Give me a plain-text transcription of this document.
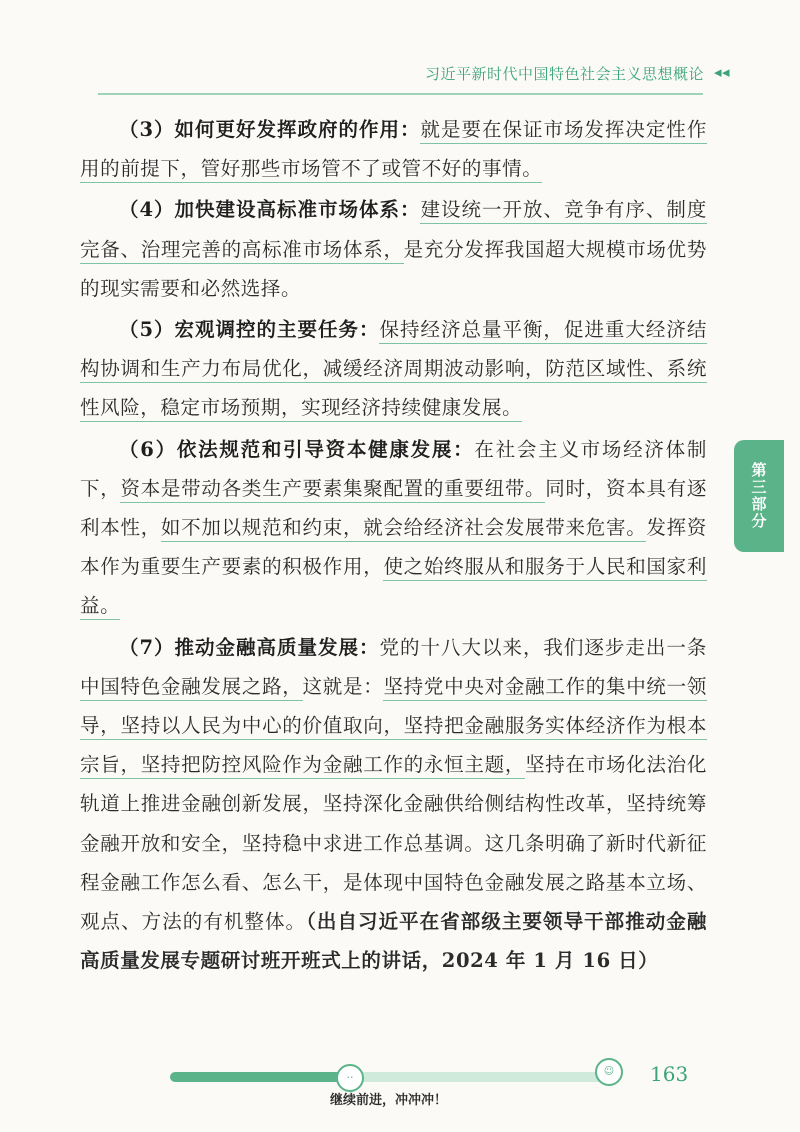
习近平新时代中国特色社会主义思想概论 ◂◂
第三部分

（3）如何更好发挥政府的作用：就是要在保证市场发挥决定性作用的前提下，管好那些市场管不了或管不好的事情。

（4）加快建设高标准市场体系：建设统一开放、竞争有序、制度完备、治理完善的高标准市场体系，是充分发挥我国超大规模市场优势的现实需要和必然选择。

（5）宏观调控的主要任务：保持经济总量平衡，促进重大经济结构协调和生产力布局优化，减缓经济周期波动影响，防范区域性、系统性风险，稳定市场预期，实现经济持续健康发展。

（6）依法规范和引导资本健康发展：在社会主义市场经济体制下，资本是带动各类生产要素集聚配置的重要纽带。同时，资本具有逐利本性，如不加以规范和约束，就会给经济社会发展带来危害。发挥资本作为重要生产要素的积极作用，使之始终服从和服务于人民和国家利益。

（7）推动金融高质量发展：党的十八大以来，我们逐步走出一条中国特色金融发展之路，这就是：坚持党中央对金融工作的集中统一领导，坚持以人民为中心的价值取向，坚持把金融服务实体经济作为根本宗旨，坚持把防控风险作为金融工作的永恒主题，坚持在市场化法治化轨道上推进金融创新发展，坚持深化金融供给侧结构性改革，坚持统筹金融开放和安全，坚持稳中求进工作总基调。这几条明确了新时代新征程金融工作怎么看、怎么干，是体现中国特色金融发展之路基本立场、观点、方法的有机整体。（出自习近平在省部级主要领导干部推动金融高质量发展专题研讨班开班式上的讲话，2024 年 1 月 16 日）

··	☺
继续前进，冲冲冲！
163
